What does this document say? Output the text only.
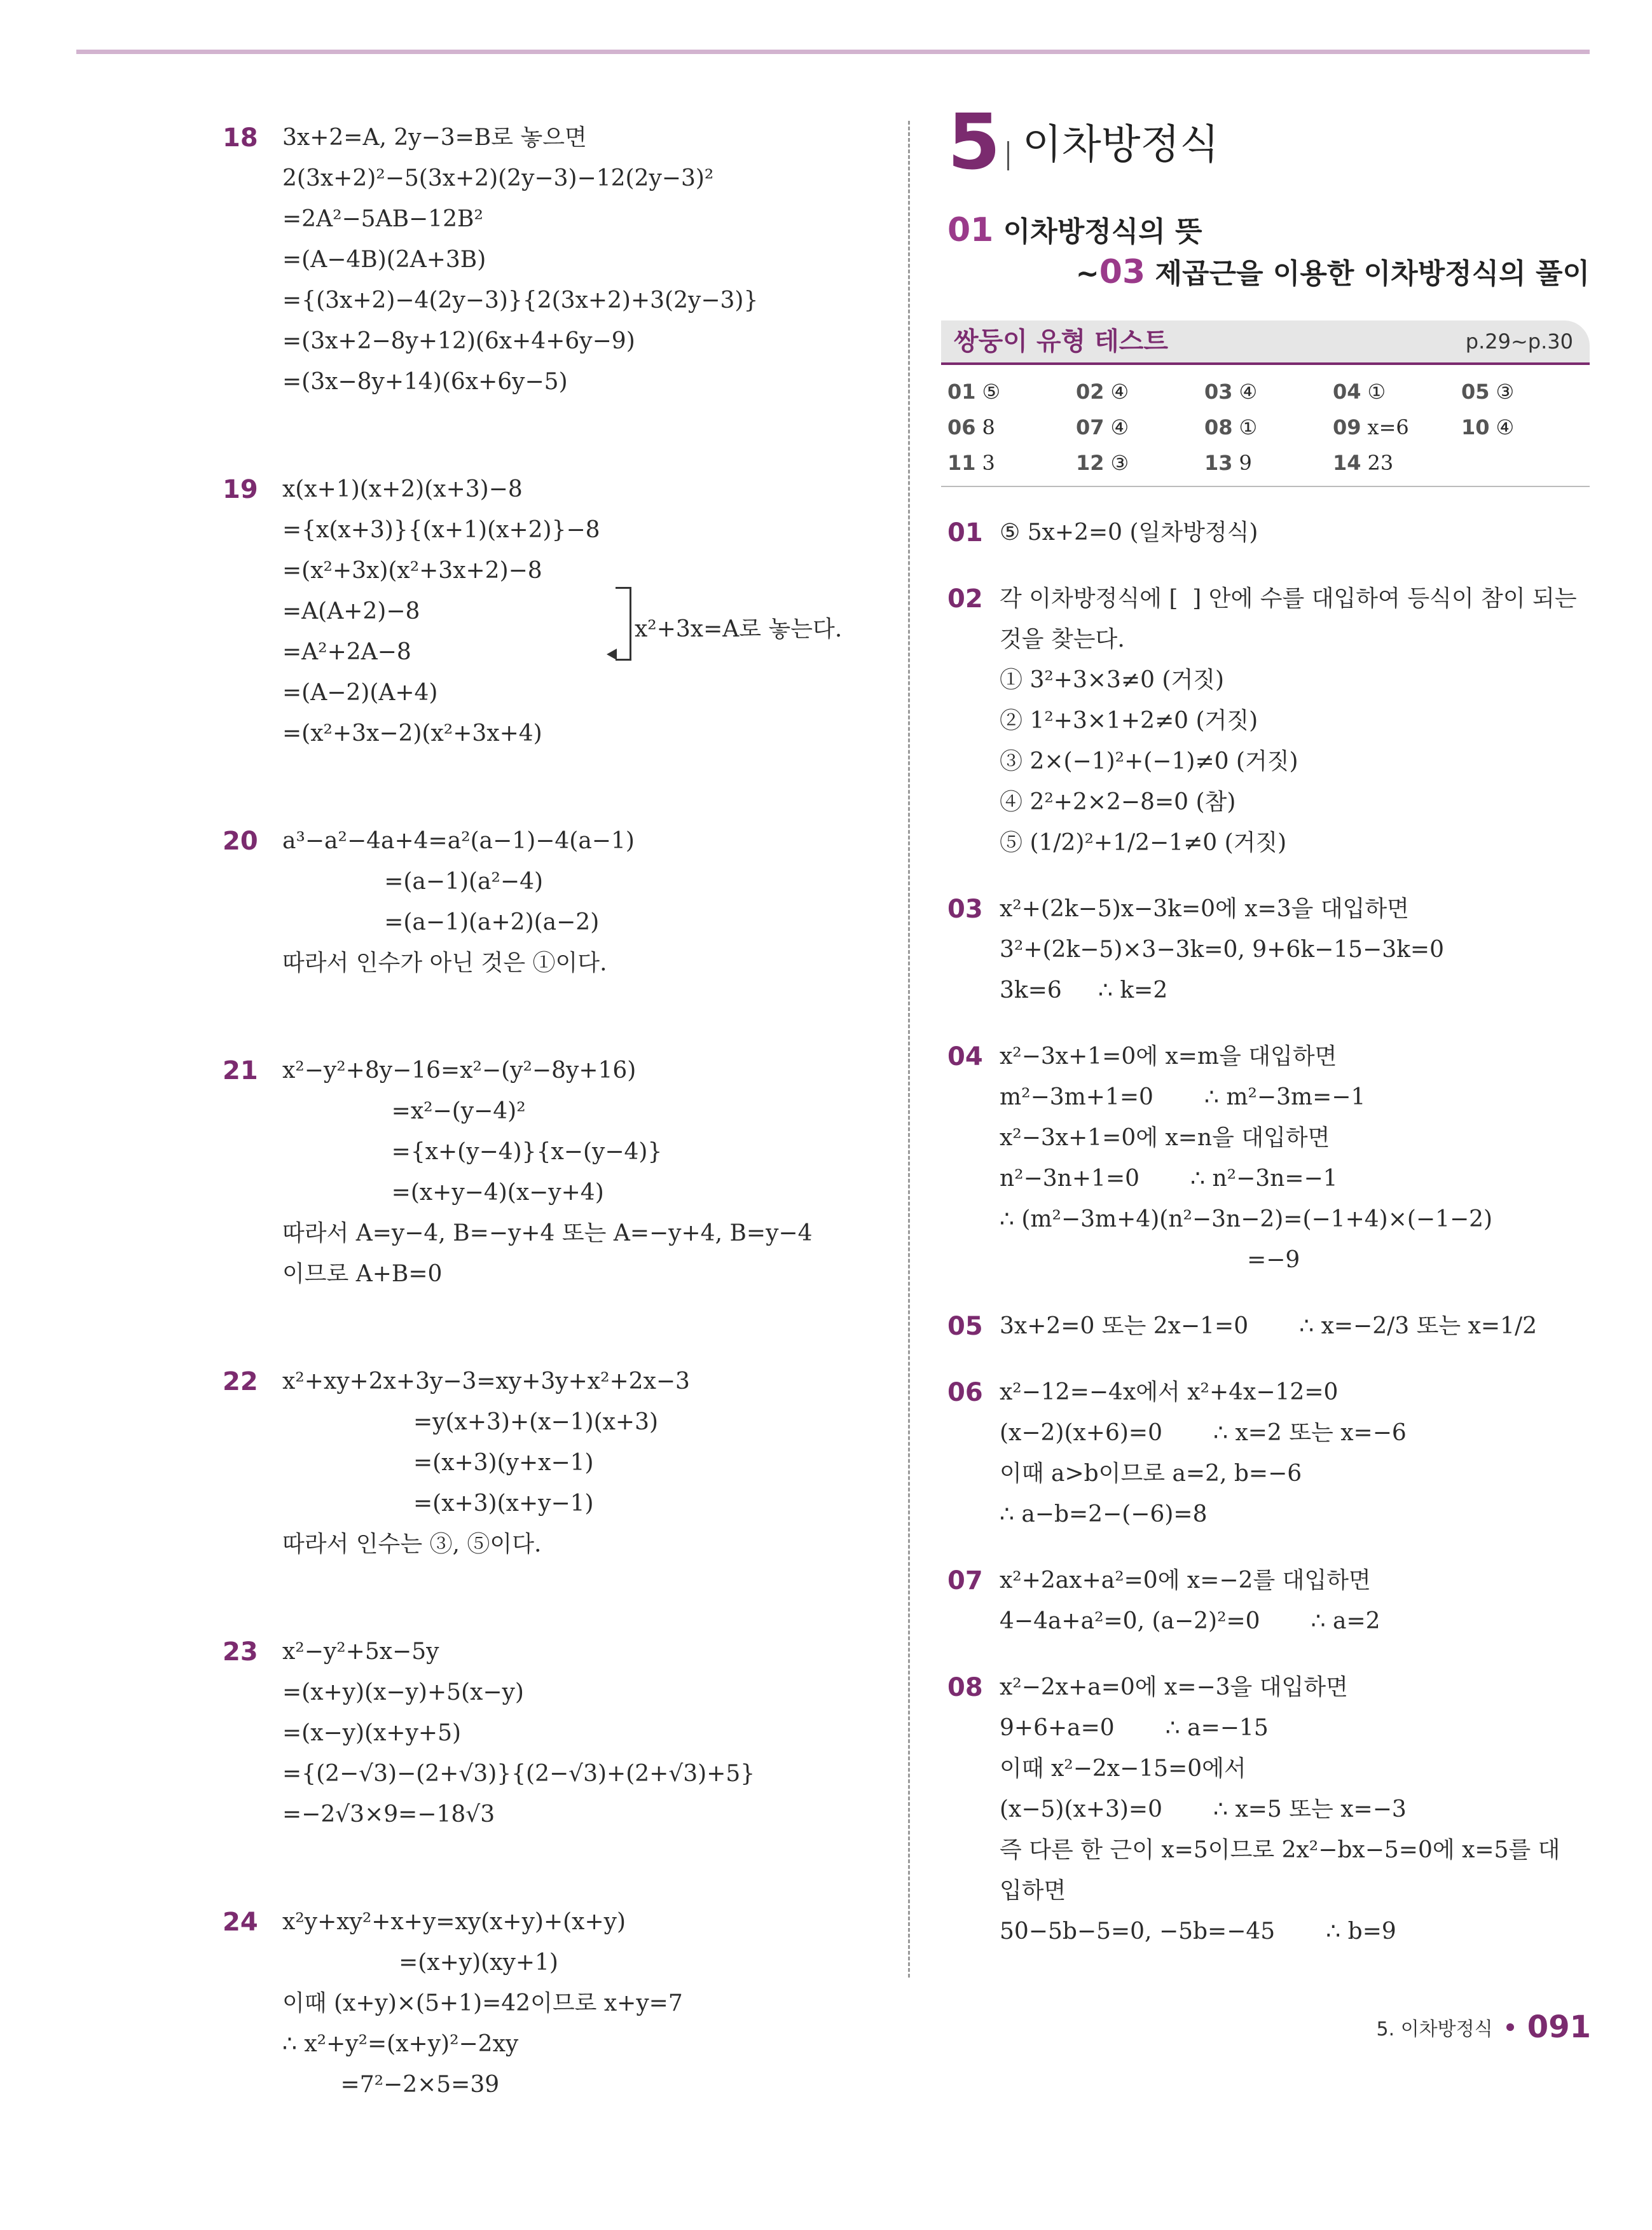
18	3x+2=A, 2y−3=B로 놓으면
2(3x+2)²−5(3x+2)(2y−3)−12(2y−3)²
=2A²−5AB−12B²
=(A−4B)(2A+3B)
={(3x+2)−4(2y−3)}{2(3x+2)+3(2y−3)}
=(3x+2−8y+12)(6x+4+6y−9)
=(3x−8y+14)(6x+6y−5)
19	x(x+1)(x+2)(x+3)−8
={x(x+3)}{(x+1)(x+2)}−8
=(x²+3x)(x²+3x+2)−8
=A(A+2)−8
=A²+2A−8
=(A−2)(A+4)
=(x²+3x−2)(x²+3x+4)
x²+3x=A로 놓는다.
20	a³−a²−4a+4=a²(a−1)−4(a−1)
=(a−1)(a²−4)
=(a−1)(a+2)(a−2)
따라서 인수가 아닌 것은 ①이다.
21	x²−y²+8y−16=x²−(y²−8y+16)
=x²−(y−4)²
={x+(y−4)}{x−(y−4)}
=(x+y−4)(x−y+4)
따라서 A=y−4, B=−y+4 또는 A=−y+4, B=y−4
이므로 A+B=0
22	x²+xy+2x+3y−3=xy+3y+x²+2x−3
=y(x+3)+(x−1)(x+3)
=(x+3)(y+x−1)
=(x+3)(x+y−1)
따라서 인수는 ③, ⑤이다.
23	x²−y²+5x−5y
=(x+y)(x−y)+5(x−y)
=(x−y)(x+y+5)
={(2−√3)−(2+√3)}{(2−√3)+(2+√3)+5}
=−2√3×9=−18√3
24	x²y+xy²+x+y=xy(x+y)+(x+y)
=(x+y)(xy+1)
이때 (x+y)×(5+1)=42이므로 x+y=7
∴ x²+y²=(x+y)²−2xy
=7²−2×5=39
5 이차방정식
01 이차방정식의 뜻
∼03 제곱근을 이용한 이차방정식의 풀이
쌍둥이 유형 테스트	p.29∼p.30
01 ⑤	02 ④	03 ④	04 ①	05 ③
06 8	07 ④	08 ①	09 x=6	10 ④
11 3	12 ③	13 9	14 23
01 ⑤ 5x+2=0 (일차방정식)
02 각 이차방정식에 [  ] 안에 수를 대입하여 등식이 참이 되는
것을 찾는다.
① 3²+3×3≠0 (거짓)
② 1²+3×1+2≠0 (거짓)
③ 2×(−1)²+(−1)≠0 (거짓)
④ 2²+2×2−8=0 (참)
⑤ (1/2)²+1/2−1≠0 (거짓)
03 x²+(2k−5)x−3k=0에 x=3을 대입하면
3²+(2k−5)×3−3k=0, 9+6k−15−3k=0
3k=6     ∴ k=2
04 x²−3x+1=0에 x=m을 대입하면
m²−3m+1=0       ∴ m²−3m=−1
x²−3x+1=0에 x=n을 대입하면
n²−3n+1=0       ∴ n²−3n=−1
∴ (m²−3m+4)(n²−3n−2)=(−1+4)×(−1−2)
=−9
05 3x+2=0 또는 2x−1=0       ∴ x=−2/3 또는 x=1/2
06 x²−12=−4x에서 x²+4x−12=0
(x−2)(x+6)=0       ∴ x=2 또는 x=−6
이때 a>b이므로 a=2, b=−6
∴ a−b=2−(−6)=8
07 x²+2ax+a²=0에 x=−2를 대입하면
4−4a+a²=0, (a−2)²=0       ∴ a=2
08 x²−2x+a=0에 x=−3을 대입하면
9+6+a=0       ∴ a=−15
이때 x²−2x−15=0에서
(x−5)(x+3)=0       ∴ x=5 또는 x=−3
즉 다른 한 근이 x=5이므로 2x²−bx−5=0에 x=5를 대
입하면
50−5b−5=0, −5b=−45       ∴ b=9
5. 이차방정식 091
